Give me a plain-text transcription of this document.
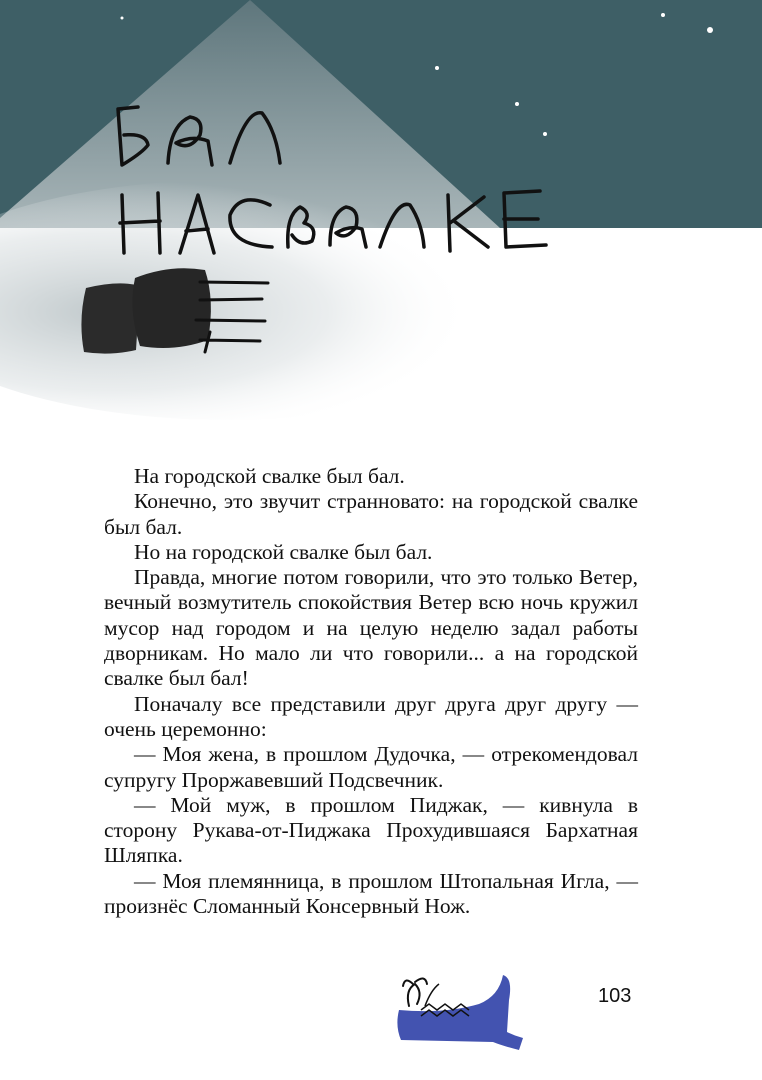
На городской свалке был бал.

Конечно, это звучит странновато: на городской свалке был бал.

Но на городской свалке был бал.

Правда, многие потом говорили, что это только Ветер, вечный возмутитель спокойствия Ветер всю ночь кружил мусор над городом и на целую неделю задал работы дворникам. Но мало ли что говорили... а на городской свалке был бал!

Поначалу все представили друг друга друг другу — очень церемонно:

— Моя жена, в прошлом Дудочка, — отрекомендовал супругу Проржавевший Подсвечник.

— Мой муж, в прошлом Пиджак, — кивнула в сторону Рукава-от-Пиджака Прохудившаяся Бархатная Шляпка.

— Моя племянница, в прошлом Штопальная Игла, — произнёс Сломанный Консервный Нож.

103
